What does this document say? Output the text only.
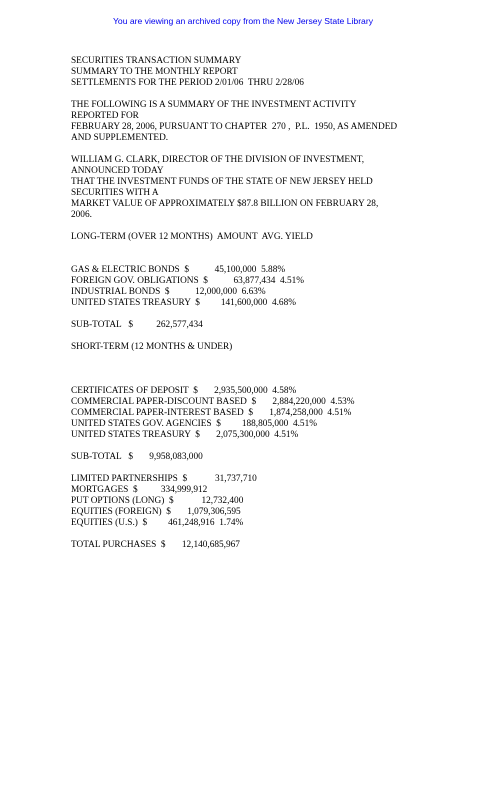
You are viewing an archived copy from the New Jersey State Library
SECURITIES TRANSACTION SUMMARY
SUMMARY TO THE MONTHLY REPORT
SETTLEMENTS FOR THE PERIOD 2/01/06  THRU 2/28/06
THE FOLLOWING IS A SUMMARY OF THE INVESTMENT ACTIVITY
REPORTED FOR
FEBRUARY 28, 2006, PURSUANT TO CHAPTER  270 ,  P.L.  1950, AS AMENDED
AND SUPPLEMENTED.
WILLIAM G. CLARK, DIRECTOR OF THE DIVISION OF INVESTMENT,
ANNOUNCED TODAY
THAT THE INVESTMENT FUNDS OF THE STATE OF NEW JERSEY HELD
SECURITIES WITH A
MARKET VALUE OF APPROXIMATELY $87.8 BILLION ON FEBRUARY 28,
2006.
LONG-TERM (OVER 12 MONTHS)  AMOUNT  AVG. YIELD
GAS & ELECTRIC BONDS  $           45,100,000  5.88%
FOREIGN GOV. OBLIGATIONS  $           63,877,434  4.51%
INDUSTRIAL BONDS  $           12,000,000  6.63%
UNITED STATES TREASURY  $         141,600,000  4.68%
SUB-TOTAL   $          262,577,434
SHORT-TERM (12 MONTHS & UNDER)
CERTIFICATES OF DEPOSIT  $       2,935,500,000  4.58%
COMMERCIAL PAPER-DISCOUNT BASED  $       2,884,220,000  4.53%
COMMERCIAL PAPER-INTEREST BASED  $       1,874,258,000  4.51%
UNITED STATES GOV. AGENCIES  $         188,805,000  4.51%
UNITED STATES TREASURY  $       2,075,300,000  4.51%
SUB-TOTAL   $       9,958,083,000
LIMITED PARTNERSHIPS  $            31,737,710
MORTGAGES  $          334,999,912
PUT OPTIONS (LONG)  $            12,732,400
EQUITIES (FOREIGN)  $       1,079,306,595
EQUITIES (U.S.)  $         461,248,916  1.74%
TOTAL PURCHASES  $       12,140,685,967
